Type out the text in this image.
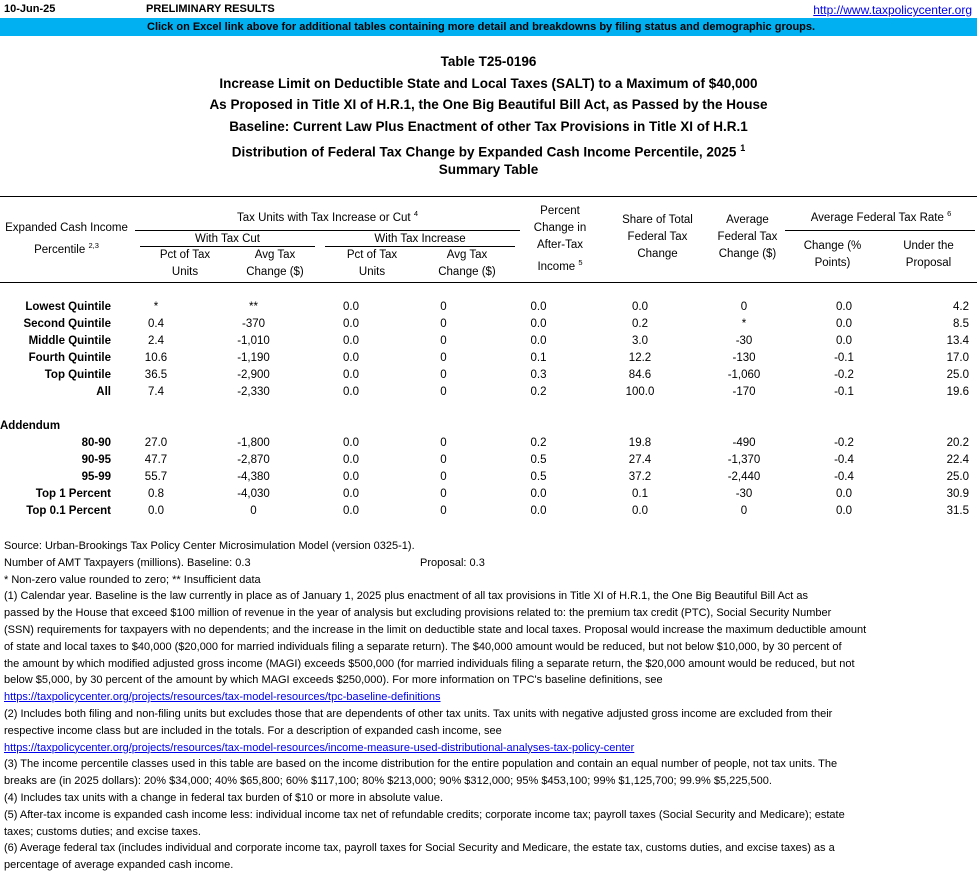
10-Jun-25	PRELIMINARY RESULTS	http://www.taxpolicycenter.org
Click on Excel link above for additional tables containing more detail and breakdowns by filing status and demographic groups.
Table T25-0196
Increase Limit on Deductible State and Local Taxes (SALT) to a Maximum of $40,000
As Proposed in Title XI of H.R.1, the One Big Beautiful Bill Act, as Passed by the House
Baseline: Current Law Plus Enactment of other Tax Provisions in Title XI of H.R.1
Distribution of Federal Tax Change by Expanded Cash Income Percentile, 2025 $^1$
Summary Table
Expanded Cash Income
Percentile $^{2,3}$
Tax Units with Tax Increase or Cut $^4$
With Tax Cut	With Tax Increase
Pct of Tax
Units
Avg Tax
Change ($)
Pct of Tax
Units
Avg Tax
Change ($)
Percent
Change in
After-Tax
Income $^5$
Share of Total
Federal Tax
Change
Average
Federal Tax
Change ($)
Average Federal Tax Rate $^6$
Change (%
Points)
Under the
Proposal
Lowest Quintile	*	**	0.0	0	0.0	0.0	0	0.0	4.2
Second Quintile	0.4	-370	0.0	0	0.0	0.2	*	0.0	8.5
Middle Quintile	2.4	-1,010	0.0	0	0.0	3.0	-30	0.0	13.4
Fourth Quintile	10.6	-1,190	0.0	0	0.1	12.2	-130	-0.1	17.0
Top Quintile	36.5	-2,900	0.0	0	0.3	84.6	-1,060	-0.2	25.0
All	7.4	-2,330	0.0	0	0.2	100.0	-170	-0.1	19.6

Addendum									
80-90	27.0	-1,800	0.0	0	0.2	19.8	-490	-0.2	20.2
90-95	47.7	-2,870	0.0	0	0.5	27.4	-1,370	-0.4	22.4
95-99	55.7	-4,380	0.0	0	0.5	37.2	-2,440	-0.4	25.0
Top 1 Percent	0.8	-4,030	0.0	0	0.0	0.1	-30	0.0	30.9
Top 0.1 Percent	0.0	0	0.0	0	0.0	0.0	0	0.0	31.5
Source: Urban-Brookings Tax Policy Center Microsimulation Model (version 0325-1).
Number of AMT Taxpayers (millions). Baseline: 0.3	Proposal: 0.3
* Non-zero value rounded to zero; ** Insufficient data
(1) Calendar year. Baseline is the law currently in place as of January 1, 2025 plus enactment of all tax provisions in Title XI of H.R.1, the One Big Beautiful Bill Act as
passed by the House that exceed $100 million of revenue in the year of analysis but excluding provisions related to: the premium tax credit (PTC), Social Security Number
(SSN) requirements for taxpayers with no dependents; and the increase in the limit on deductible state and local taxes. Proposal would increase the maximum deductible amount
of state and local taxes to $40,000 ($20,000 for married individuals filing a separate return). The $40,000 amount would be reduced, but not below $10,000, by 30 percent of
the amount by which modified adjusted gross income (MAGI) exceeds $500,000 (for married individuals filing a separate return, the $20,000 amount would be reduced, but not
below $5,000, by 30 percent of the amount by which MAGI exceeds $250,000). For more information on TPC's baseline definitions, see
https://taxpolicycenter.org/projects/resources/tax-model-resources/tpc-baseline-definitions
(2) Includes both filing and non-filing units but excludes those that are dependents of other tax units. Tax units with negative adjusted gross income are excluded from their
respective income class but are included in the totals. For a description of expanded cash income, see
https://taxpolicycenter.org/projects/resources/tax-model-resources/income-measure-used-distributional-analyses-tax-policy-center
(3) The income percentile classes used in this table are based on the income distribution for the entire population and contain an equal number of people, not tax units. The
breaks are (in 2025 dollars): 20% $34,000; 40% $65,800; 60% $117,100; 80% $213,000; 90% $312,000; 95% $453,100; 99% $1,125,700; 99.9% $5,225,500.
(4) Includes tax units with a change in federal tax burden of $10 or more in absolute value.
(5) After-tax income is expanded cash income less: individual income tax net of refundable credits; corporate income tax; payroll taxes (Social Security and Medicare); estate
taxes; customs duties; and excise taxes.
(6) Average federal tax (includes individual and corporate income tax, payroll taxes for Social Security and Medicare, the estate tax, customs duties, and excise taxes) as a
percentage of average expanded cash income.
